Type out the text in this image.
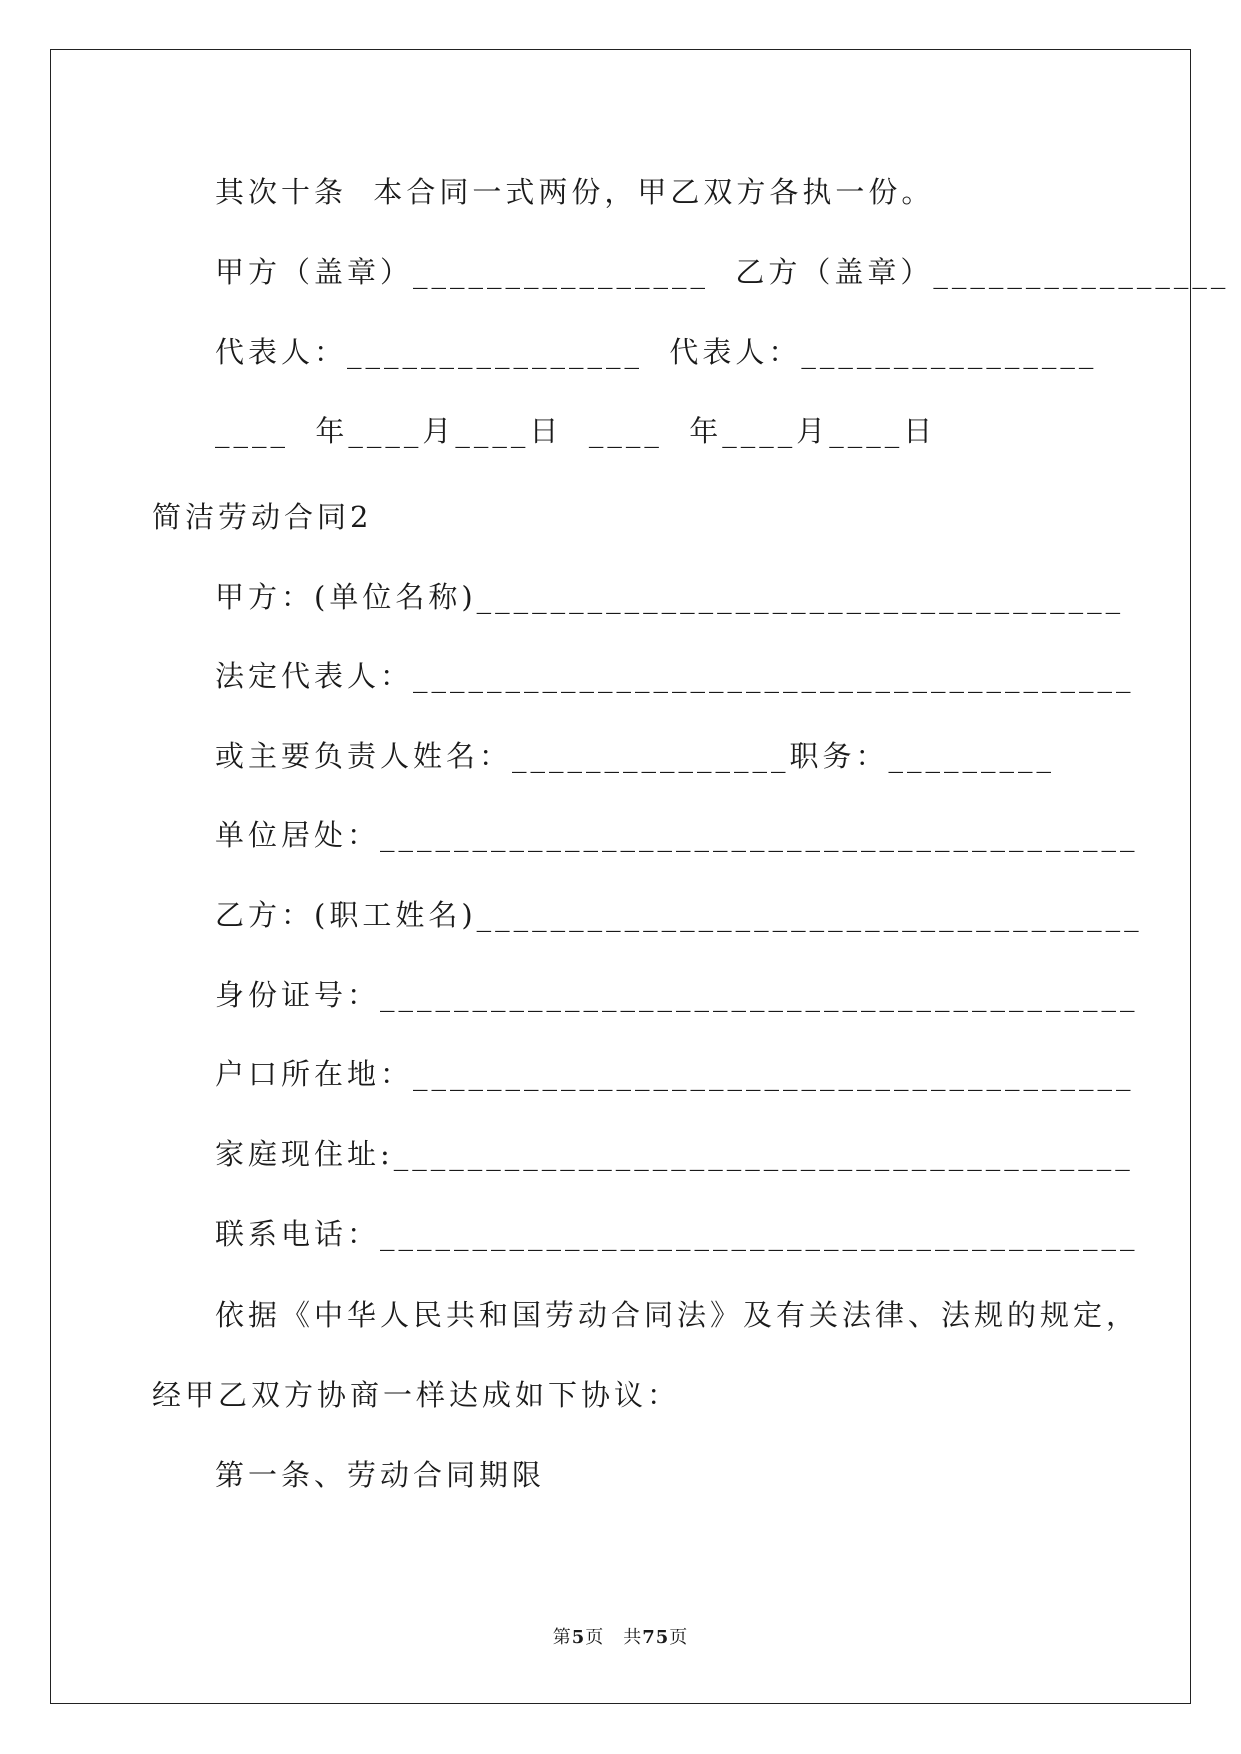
其次十条  本合同一式两份，甲乙双方各执一份。
甲方（盖章）________________  乙方（盖章）________________
代表人：________________  代表人：________________
____  年____月____日  ____  年____月____日
简洁劳动合同2
甲方：(单位名称)___________________________________
法定代表人：_______________________________________
或主要负责人姓名：_______________职务：_________
单位居处：_________________________________________
乙方：(职工姓名)____________________________________
身份证号：_________________________________________
户口所在地：_______________________________________
家庭现住址:________________________________________
联系电话：_________________________________________
依据《中华人民共和国劳动合同法》及有关法律、法规的规定，
经甲乙双方协商一样达成如下协议：
第一条、劳动合同期限
第5页　共75页
